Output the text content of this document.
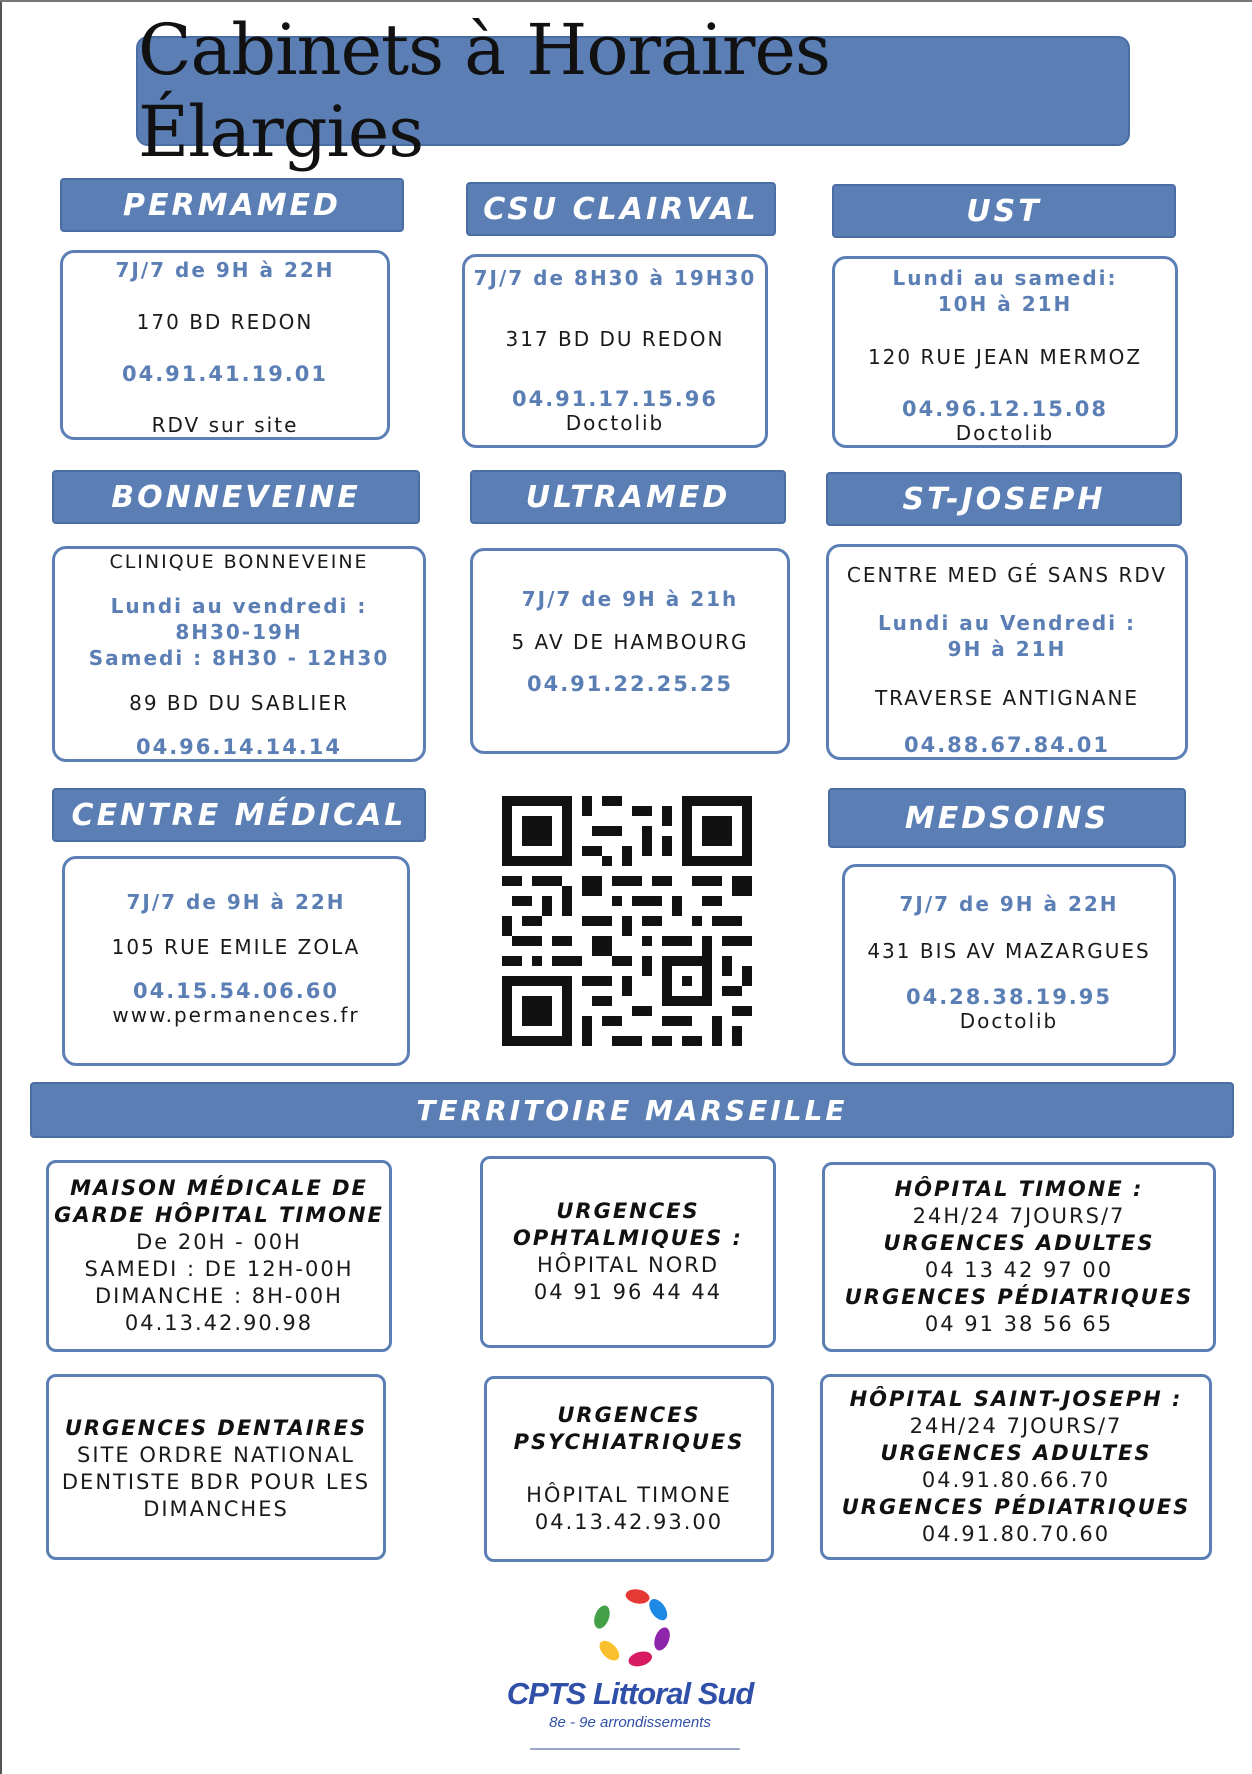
Cabinets à Horaires Élargies
PERMAMED
7J/7 de 9H à 22H
170 BD REDON
04.91.41.19.01
RDV sur site
CSU CLAIRVAL
7J/7 de 8H30 à 19H30
317 BD DU REDON
04.91.17.15.96
Doctolib
UST
Lundi au samedi:
10H à 21H
120 RUE JEAN MERMOZ
04.96.12.15.08
Doctolib
BONNEVEINE
CLINIQUE BONNEVEINE
Lundi au vendredi :
8H30-19H
Samedi : 8H30 - 12H30
89 BD DU SABLIER
04.96.14.14.14
ULTRAMED
7J/7 de 9H à 21h
5 AV DE HAMBOURG
04.91.22.25.25
ST-JOSEPH
CENTRE MED GÉ SANS RDV
Lundi au Vendredi :
9H à 21H
TRAVERSE ANTIGNANE
04.88.67.84.01
CENTRE MÉDICAL
7J/7 de 9H à 22H
105 RUE EMILE ZOLA
04.15.54.06.60
www.permanences.fr
MEDSOINS
7J/7 de 9H à 22H
431 BIS AV MAZARGUES
04.28.38.19.95
Doctolib
TERRITOIRE MARSEILLE
MAISON MÉDICALE DE
GARDE HÔPITAL TIMONE
De 20H - 00H
SAMEDI : DE 12H-00H
DIMANCHE : 8H-00H
04.13.42.90.98
URGENCES
OPHTALMIQUES :
HÔPITAL NORD
04 91 96 44 44
HÔPITAL TIMONE :
24H/24 7JOURS/7
URGENCES ADULTES
04 13 42 97 00
URGENCES PÉDIATRIQUES
04 91 38 56 65
URGENCES DENTAIRES
SITE ORDRE NATIONAL
DENTISTE BDR POUR LES
DIMANCHES
URGENCES
PSYCHIATRIQUES
HÔPITAL TIMONE
04.13.42.93.00
HÔPITAL SAINT-JOSEPH :
24H/24 7JOURS/7
URGENCES ADULTES
04.91.80.66.70
URGENCES PÉDIATRIQUES
04.91.80.70.60
CPTS Littoral Sud
8e - 9e arrondissements
